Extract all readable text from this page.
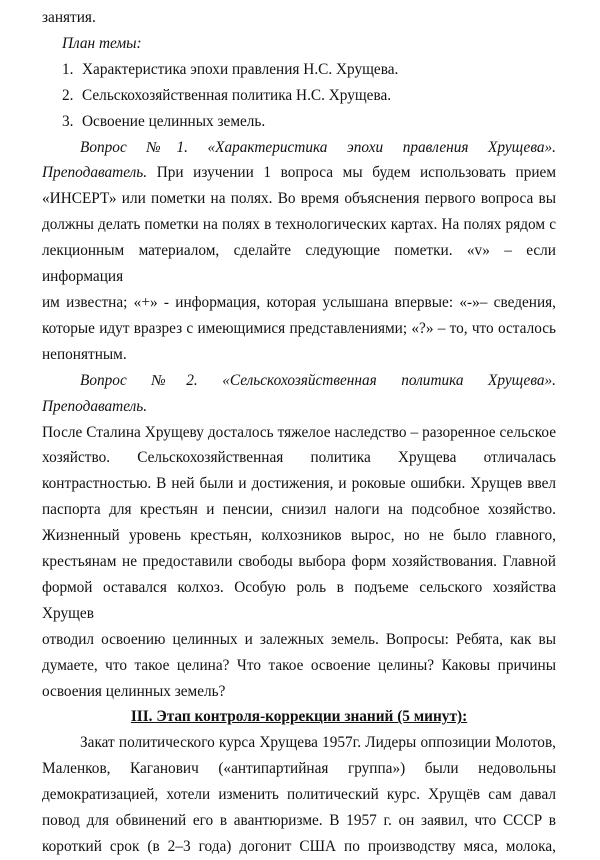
занятия.

План темы:

1. Характеристика эпохи правления Н.С. Хрущева.
2. Сельскохозяйственная политика Н.С. Хрущева.
3. Освоение целинных земель.

Вопрос №1. «Характеристика эпохи правления Хрущева».

Преподаватель. При изучении 1 вопроса мы будем использовать прием

«ИНСЕРТ» или пометки на полях. Во время объяснения первого вопроса вы

должны делать пометки на полях в технологических картах. На полях рядом с

лекционным материалом, сделайте следующие пометки. «v» – если информация

им известна; «+» - информация, которая услышана впервые: «-»– сведения,

которые идут вразрез с имеющимися представлениями; «?» – то, что осталось

непонятным.

Вопрос №2. «Сельскохозяйственная политика Хрущева». Преподаватель.

После Сталина Хрущеву досталось тяжелое наследство – разоренное сельское

хозяйство. Сельскохозяйственная политика Хрущева отличалась

контрастностью. В ней были и достижения, и роковые ошибки. Хрущев ввел

паспорта для крестьян и пенсии, снизил налоги на подсобное хозяйство.

Жизненный уровень крестьян, колхозников вырос, но не было главного,

крестьянам не предоставили свободы выбора форм хозяйствования. Главной

формой оставался колхоз. Особую роль в подъеме сельского хозяйства Хрущев

отводил освоению целинных и залежных земель. Вопросы: Ребята, как вы

думаете, что такое целина? Что такое освоение целины? Каковы причины

освоения целинных земель?

III. Этап контроля-коррекции знаний (5 минут):

Закат политического курса Хрущева 1957г. Лидеры оппозиции Молотов,

Маленков, Каганович («антипартийная группа») были недовольны

демократизацией, хотели изменить политический курс. Хрущёв сам давал

повод для обвинений его в авантюризме. В 1957 г. он заявил, что СССР в

короткий срок (в 2–3 года) догонит США по производству мяса, молока,
